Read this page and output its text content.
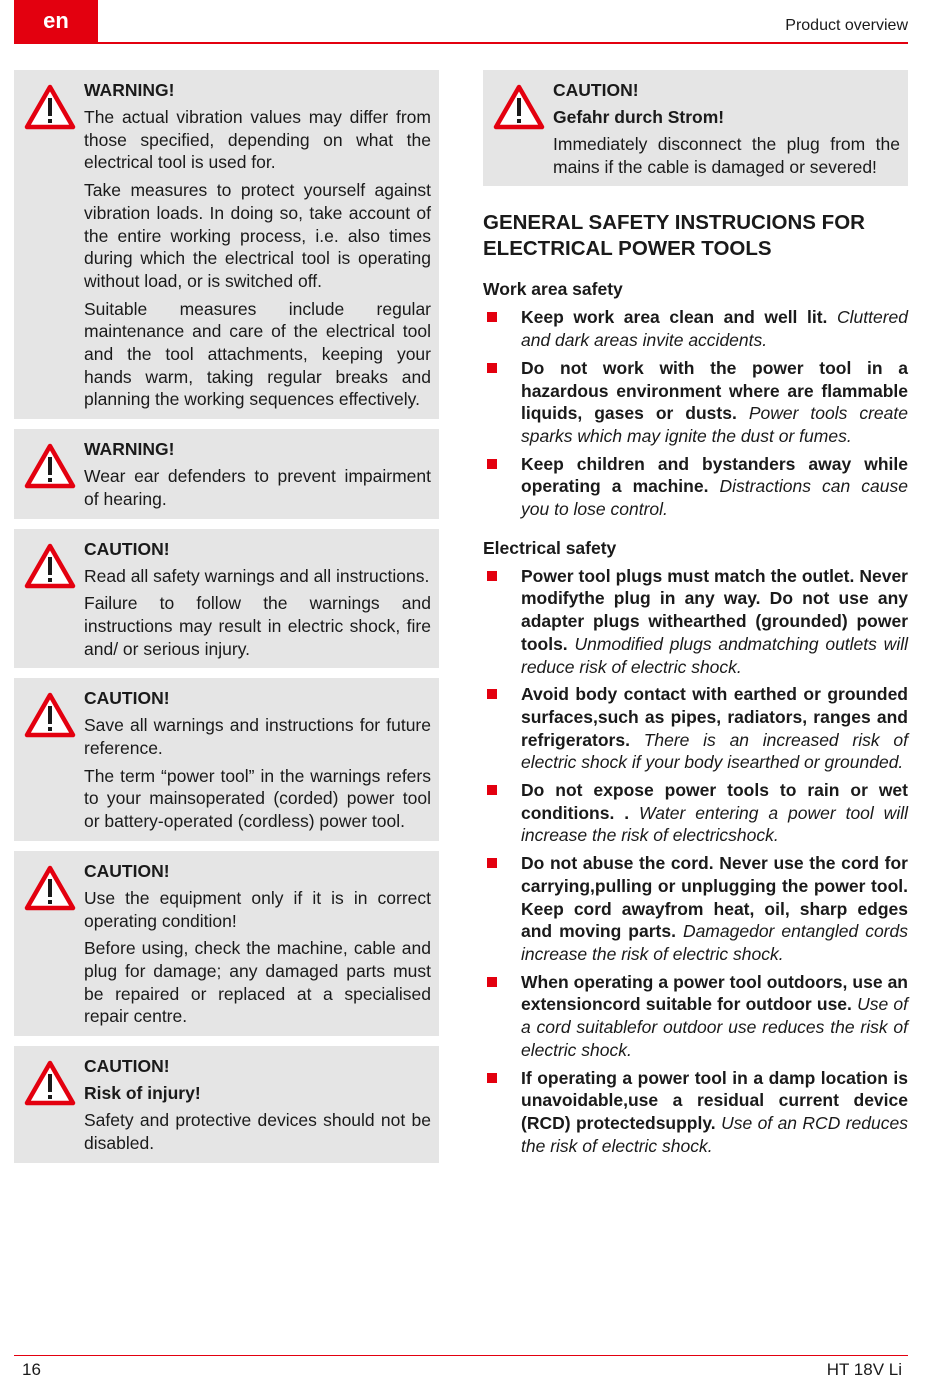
en	Product overview
WARNING!
The actual vibration values may differ from those specified, depending on what the electrical tool is used for.
Take measures to protect yourself against vibration loads. In doing so, take account of the entire working process, i.e. also times during which the electrical tool is operating without load, or is switched off.
Suitable measures include regular maintenance and care of the electrical tool and the tool attachments, keeping your hands warm, taking regular breaks and planning the working sequences effectively.
WARNING!
Wear ear defenders to prevent impairment of hearing.
CAUTION!
Read all safety warnings and all instructions.
Failure to follow the warnings and instructions may result in electric shock, fire and/ or serious injury.
CAUTION!
Save all warnings and instructions for future reference.
The term “power tool” in the warnings refers to your mainsoperated (corded) power tool or battery-operated (cordless) power tool.
CAUTION!
Use the equipment only if it is in correct operating condition!
Before using, check the machine, cable and plug for damage; any damaged parts must be repaired or replaced at a specialised repair centre.
CAUTION!
Risk of injury!
Safety and protective devices should not be disabled.
CAUTION!
Gefahr durch Strom!
Immediately disconnect the plug from the mains if the cable is damaged or severed!
GENERAL SAFETY INSTRUCIONS FOR ELECTRICAL POWER TOOLS
Work area safety
Keep work area clean and well lit. Cluttered and dark areas invite accidents.
Do not work with the power tool in a hazardous environment where are flammable liquids, gases or dusts. Power tools create sparks which may ignite the dust or fumes.
Keep children and bystanders away while operating a machine. Distractions can cause you to lose control.
Electrical safety
Power tool plugs must match the outlet. Never modifythe plug in any way. Do not use any adapter plugs withearthed (grounded) power tools. Unmodified plugs andmatching outlets will reduce risk of electric shock.
Avoid body contact with earthed or grounded surfaces,such as pipes, radiators, ranges and refrigerators. There is an increased risk of electric shock if your body isearthed or grounded.
Do not expose power tools to rain or wet conditions. . Water entering a power tool will increase the risk of electricshock.
Do not abuse the cord. Never use the cord for carrying,pulling or unplugging the power tool. Keep cord awayfrom heat, oil, sharp edges and moving parts. Damagedor entangled cords increase the risk of electric shock.
When operating a power tool outdoors, use an extensioncord suitable for outdoor use. Use of a cord suitablefor outdoor use reduces the risk of electric shock.
If operating a power tool in a damp location is unavoidable,use a residual current device (RCD) protectedsupply. Use of an RCD reduces the risk of electric shock.
16	HT 18V Li
